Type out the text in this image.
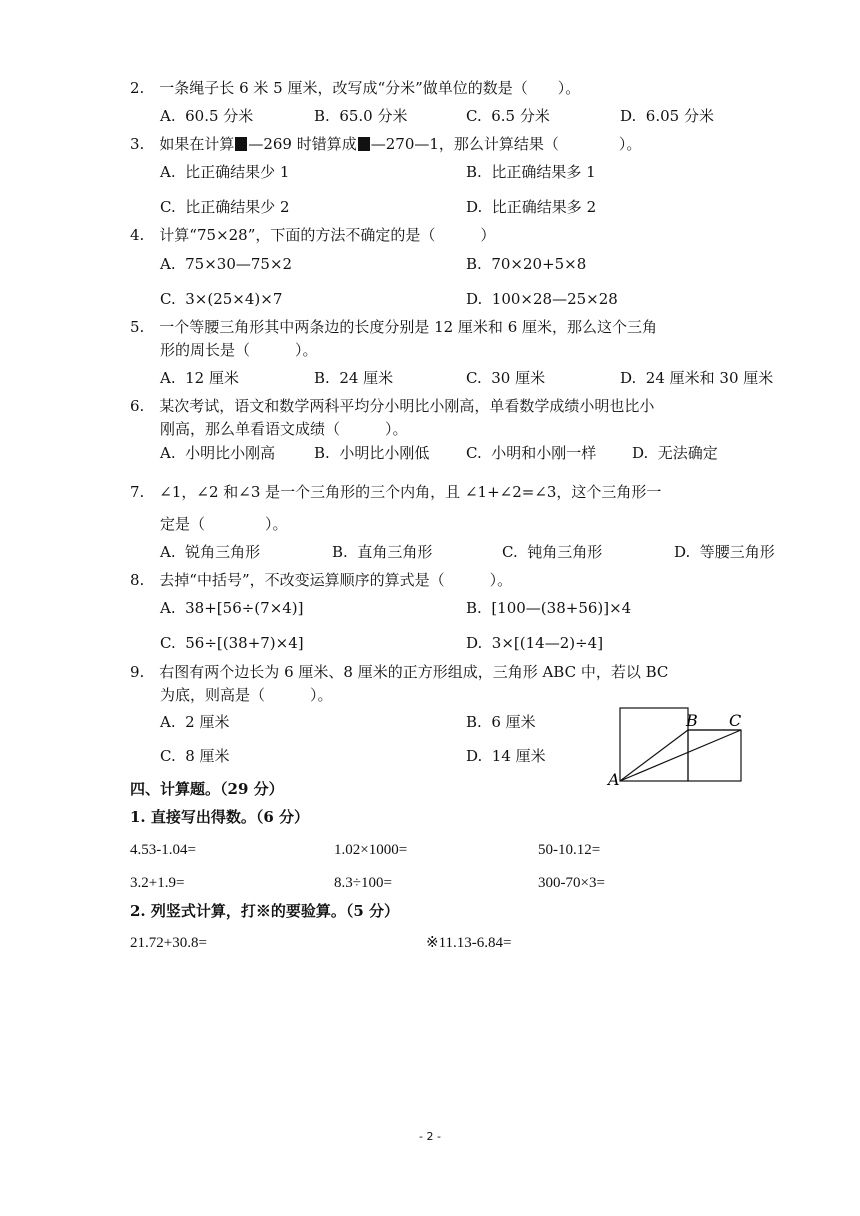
2.　一条绳子长 6 米 5 厘米，改写成“分米”做单位的数是（　　）。
A.  60.5 分米	B.  65.0 分米	C.  6.5 分米	D.  6.05 分米
3.　 如果在计算 —269 时错算成 —270—1，那么计算结果（　　　　）。
A.  比正确结果少 1	B.  比正确结果多 1
C.  比正确结果少 2	D.  比正确结果多 2
4.　计算“75×28”，下面的方法不确定的是（　　　）
A.  75×30—75×2	B.  70×20+5×8
C.  3×(25×4)×7	D.  100×28—25×28
5.　一个等腰三角形其中两条边的长度分别是 12 厘米和 6 厘米，那么这个三角
形的周长是（　　　）。
A.  12 厘米	B.  24 厘米	C.  30 厘米	D.  24 厘米和 30 厘米
6.　某次考试，语文和数学两科平均分小明比小刚高，单看数学成绩小明也比小
刚高，那么单看语文成绩（　　　）。
A.  小明比小刚高	B.  小明比小刚低 C.  小明和小刚一样 D.  无法确定
7.　∠1，∠2 和∠3 是一个三角形的三个内角，且 ∠1+∠2=∠3，这个三角形一
定是（　　　　）。
A.  锐角三角形	B.  直角三角形	C.  钝角三角形	D.  等腰三角形
8.　去掉“中括号”，不改变运算顺序的算式是（　　　）。
A.  38+[56÷(7×4)]	B.  [100—(38+56)]×4
C.  56÷[(38+7)×4]	D.  3×[(14—2)÷4]
9.　右图有两个边长为 6 厘米、8 厘米的正方形组成，三角形 ABC 中，若以 BC
为底，则高是（　　　）。
A.  2 厘米	B.  6 厘米
C.  8 厘米	D.  14 厘米
A
B C
四、计算题。（29 分）
1. 直接写出得数。（6 分）
4.53-1.04=	1.02×1000=	50-10.12=
3.2+1.9=	8.3÷100=	300-70×3=
2. 列竖式计算，打※的要验算。（5 分）
21.72+30.8=	※11.13-6.84=
- 2 -
